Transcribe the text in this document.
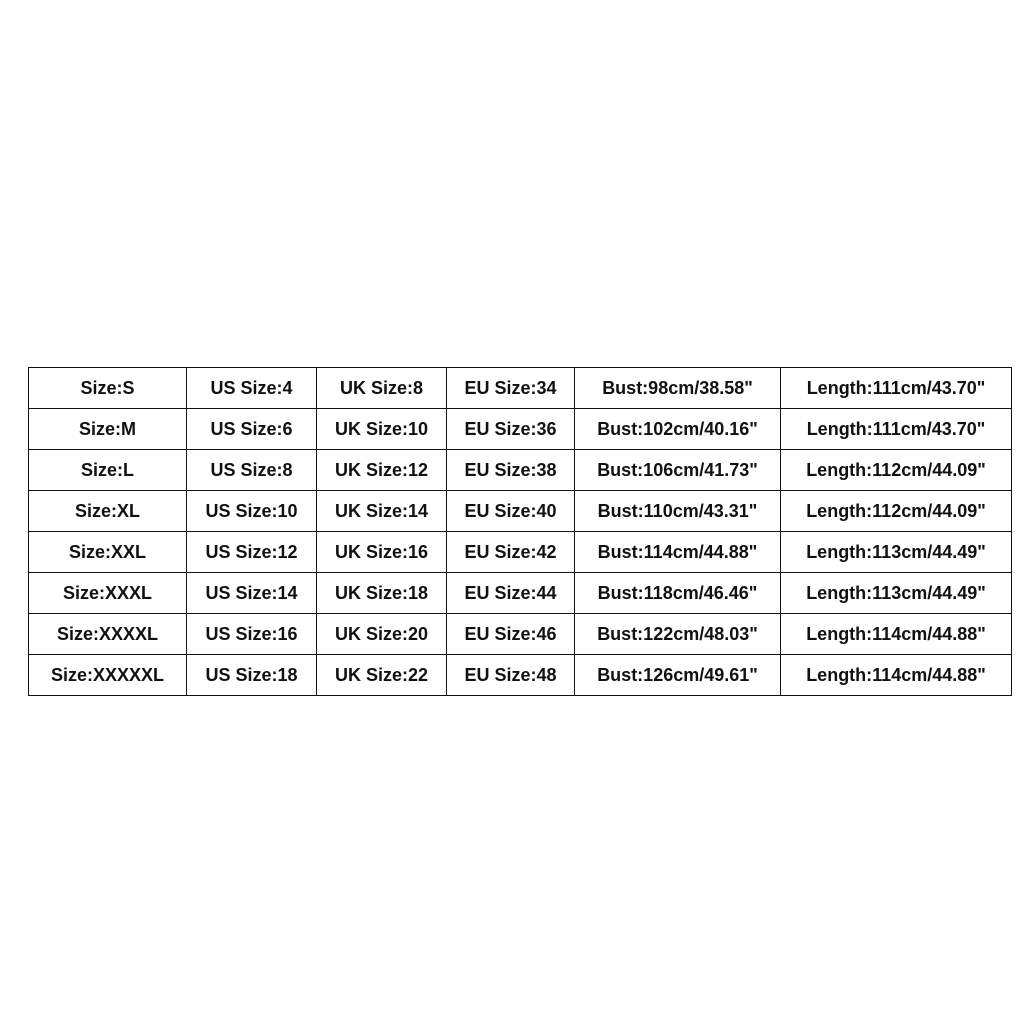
Size:S	US Size:4	UK Size:8	EU Size:34	Bust:98cm/38.58"	Length:111cm/43.70"
Size:M	US Size:6	UK Size:10	EU Size:36	Bust:102cm/40.16"	Length:111cm/43.70"
Size:L	US Size:8	UK Size:12	EU Size:38	Bust:106cm/41.73"	Length:112cm/44.09"
Size:XL	US Size:10	UK Size:14	EU Size:40	Bust:110cm/43.31"	Length:112cm/44.09"
Size:XXL	US Size:12	UK Size:16	EU Size:42	Bust:114cm/44.88"	Length:113cm/44.49"
Size:XXXL	US Size:14	UK Size:18	EU Size:44	Bust:118cm/46.46"	Length:113cm/44.49"
Size:XXXXL	US Size:16	UK Size:20	EU Size:46	Bust:122cm/48.03"	Length:114cm/44.88"
Size:XXXXXL	US Size:18	UK Size:22	EU Size:48	Bust:126cm/49.61"	Length:114cm/44.88"
